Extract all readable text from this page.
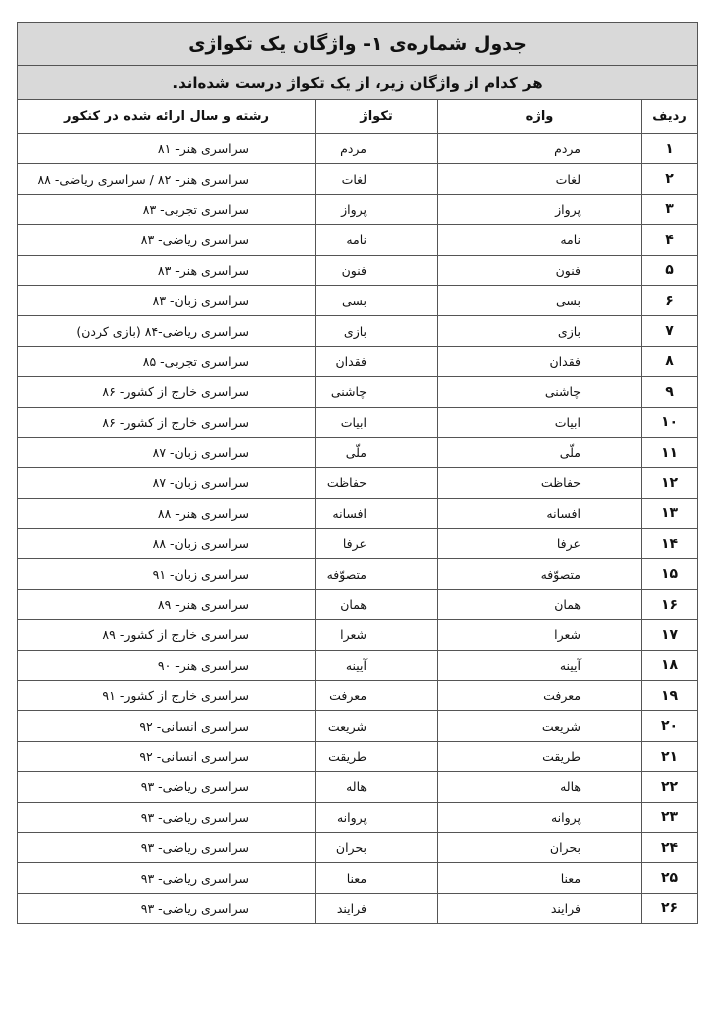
جدول شماره‌ی ۱- واژگان یک تکواژی			
هر کدام از واژگان زیر، از یک تکواژ درست شده‌اند.			
ردیف	واژه	تکواژ	رشته و سال ارائه شده در کنکور
۱	مردم	مردم	سراسری هنر- ۸۱
۲	لغات	لغات	سراسری هنر- ۸۲ / سراسری ریاضی- ۸۸
۳	پرواز	پرواز	سراسری تجربی- ۸۳
۴	نامه	نامه	سراسری ریاضی- ۸۳
۵	فنون	فنون	سراسری هنر- ۸۳
۶	بسی	بسی	سراسری زبان- ۸۳
۷	بازی	بازی	سراسری ریاضی-۸۴ (بازی کردن)
۸	فقدان	فقدان	سراسری تجربی- ۸۵
۹	چاشنی	چاشنی	سراسری خارج از کشور- ۸۶
۱۰	ابیات	ابیات	سراسری خارج از کشور- ۸۶
۱۱	ملّی	ملّی	سراسری زبان- ۸۷
۱۲	حفاظت	حفاظت	سراسری زبان- ۸۷
۱۳	افسانه	افسانه	سراسری هنر- ۸۸
۱۴	عرفا	عرفا	سراسری زبان- ۸۸
۱۵	متصوّفه	متصوّفه	سراسری زبان- ۹۱
۱۶	همان	همان	سراسری هنر- ۸۹
۱۷	شعرا	شعرا	سراسری خارج از کشور- ۸۹
۱۸	آیینه	آیینه	سراسری هنر- ۹۰
۱۹	معرفت	معرفت	سراسری خارج از کشور- ۹۱
۲۰	شریعت	شریعت	سراسری انسانی- ۹۲
۲۱	طریقت	طریقت	سراسری انسانی- ۹۲
۲۲	هاله	هاله	سراسری ریاضی- ۹۳
۲۳	پروانه	پروانه	سراسری ریاضی- ۹۳
۲۴	بحران	بحران	سراسری ریاضی- ۹۳
۲۵	معنا	معنا	سراسری ریاضی- ۹۳
۲۶	فرایند	فرایند	سراسری ریاضی- ۹۳
